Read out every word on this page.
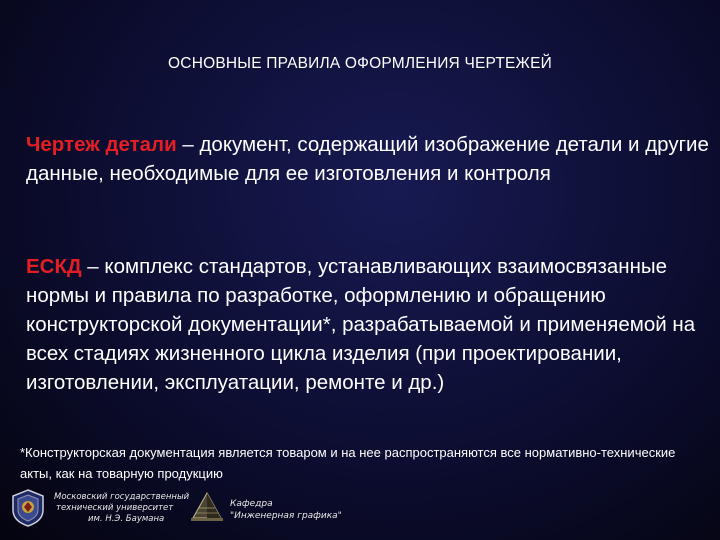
ОСНОВНЫЕ ПРАВИЛА ОФОРМЛЕНИЯ ЧЕРТЕЖЕЙ
Чертеж детали – документ, содержащий изображение детали и другие данные, необходимые для ее изготовления и контроля
ЕСКД – комплекс стандартов, устанавливающих взаимосвязанные нормы и правила по разработке, оформлению и обращению конструкторской документации*, разрабатываемой и применяемой на всех стадиях жизненного цикла изделия (при проектировании, изготовлении, эксплуатации, ремонте и др.)
*Конструкторская документация является товаром и на нее распространяются все нормативно-технические акты, как на товарную продукцию
Московский государственный
технический университет
им. Н.Э. Баумана
Кафедра
"Инженерная графика"
